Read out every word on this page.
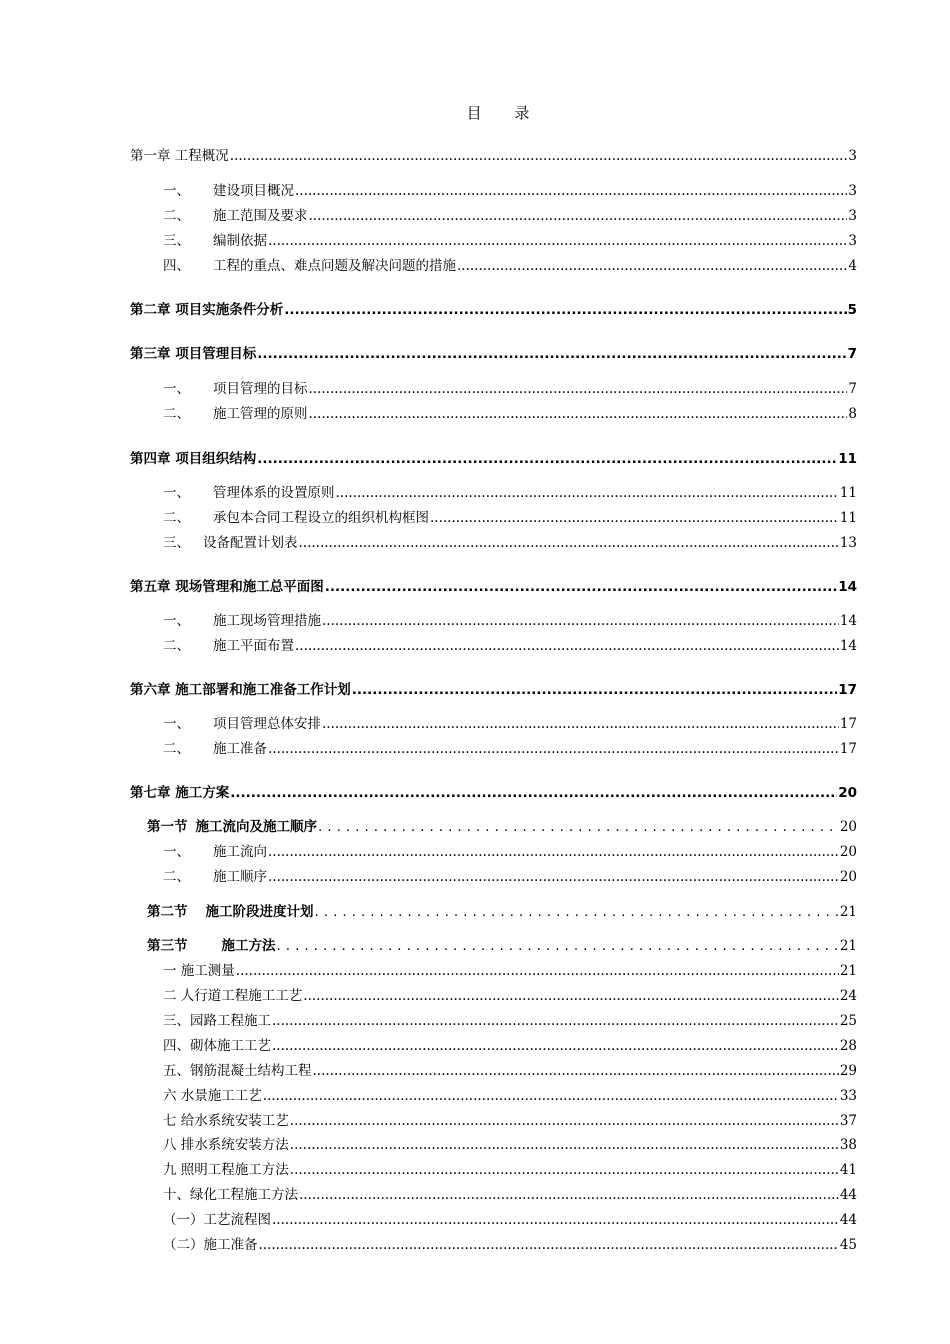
目 录
第一章 工程概况 .....	3
一、	建设项目概况 .....	3
二、	施工范围及要求 .....	3
三、	编制依据 .....	3
四、	工程的重点、难点问题及解决问题的措施 .....	4
第二章 项目实施条件分析 .....	5
第三章 项目管理目标 .....	7
一、	项目管理的目标 .....	7
二、	施工管理的原则 .....	8
第四章 项目组织结构 .....	11
一、	管理体系的设置原则 .....	11
二、	承包本合同工程设立的组织机构框图 .....	11
三、 设备配置计划表 .....	13
第五章 现场管理和施工总平面图 .....	14
一、	施工现场管理措施 .....	14
二、	施工平面布置 .....	14
第六章 施工部署和施工准备工作计划 .....	17
一、	项目管理总体安排 .....	17
二、	施工准备 .....	17
第七章 施工方案 .....	20
第一节 施工流向及施工顺序 .....	20
一、	施工流向 .....	20
二、	施工顺序 .....	20
第二节 施工阶段进度计划 .....	21
第三节	施工方法 .....	21
一 施工测量 .....	21
二 人行道工程施工工艺 .....	24
三、园路工程施工 .....	25
四、砌体施工工艺 .....	28
五、钢筋混凝土结构工程 .....	29
六 水景施工工艺 .....	33
七 给水系统安装工艺 .....	37
八 排水系统安装方法 .....	38
九 照明工程施工方法 .....	41
十、绿化工程施工方法 .....	44
（一）工艺流程图 .....	44
（二）施工准备 .....	45
